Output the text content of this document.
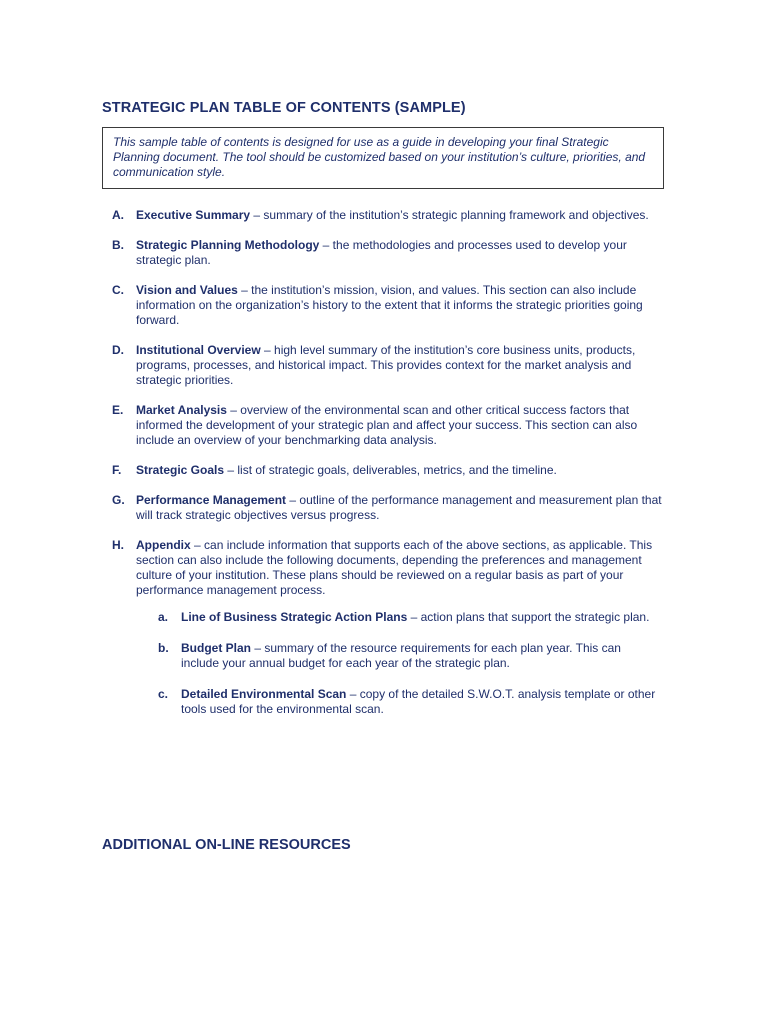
STRATEGIC PLAN TABLE OF CONTENTS (SAMPLE)
This sample table of contents is designed for use as a guide in developing your final Strategic Planning document. The tool should be customized based on your institution’s culture, priorities, and communication style.
A.	Executive Summary – summary of the institution’s strategic planning framework and objectives.
B.	Strategic Planning Methodology – the methodologies and processes used to develop your strategic plan.
C.	Vision and Values – the institution’s mission, vision, and values. This section can also include information on the organization’s history to the extent that it informs the strategic priorities going forward.
D.	Institutional Overview – high level summary of the institution’s core business units, products, programs, processes, and historical impact. This provides context for the market analysis and strategic priorities.
E.	Market Analysis – overview of the environmental scan and other critical success factors that informed the development of your strategic plan and affect your success. This section can also include an overview of your benchmarking data analysis.
F.	Strategic Goals – list of strategic goals, deliverables, metrics, and the timeline.
G. Performance Management – outline of the performance management and measurement plan that will track strategic objectives versus progress.
H.	Appendix – can include information that supports each of the above sections, as applicable. This section can also include the following documents, depending the preferences and management culture of your institution. These plans should be reviewed on a regular basis as part of your performance management process.
a.	Line of Business Strategic Action Plans – action plans that support the strategic plan.
b.	Budget Plan – summary of the resource requirements for each plan year. This can include your annual budget for each year of the strategic plan.
c.	Detailed Environmental Scan – copy of the detailed S.W.O.T. analysis template or other tools used for the environmental scan.
ADDITIONAL ON-LINE RESOURCES
